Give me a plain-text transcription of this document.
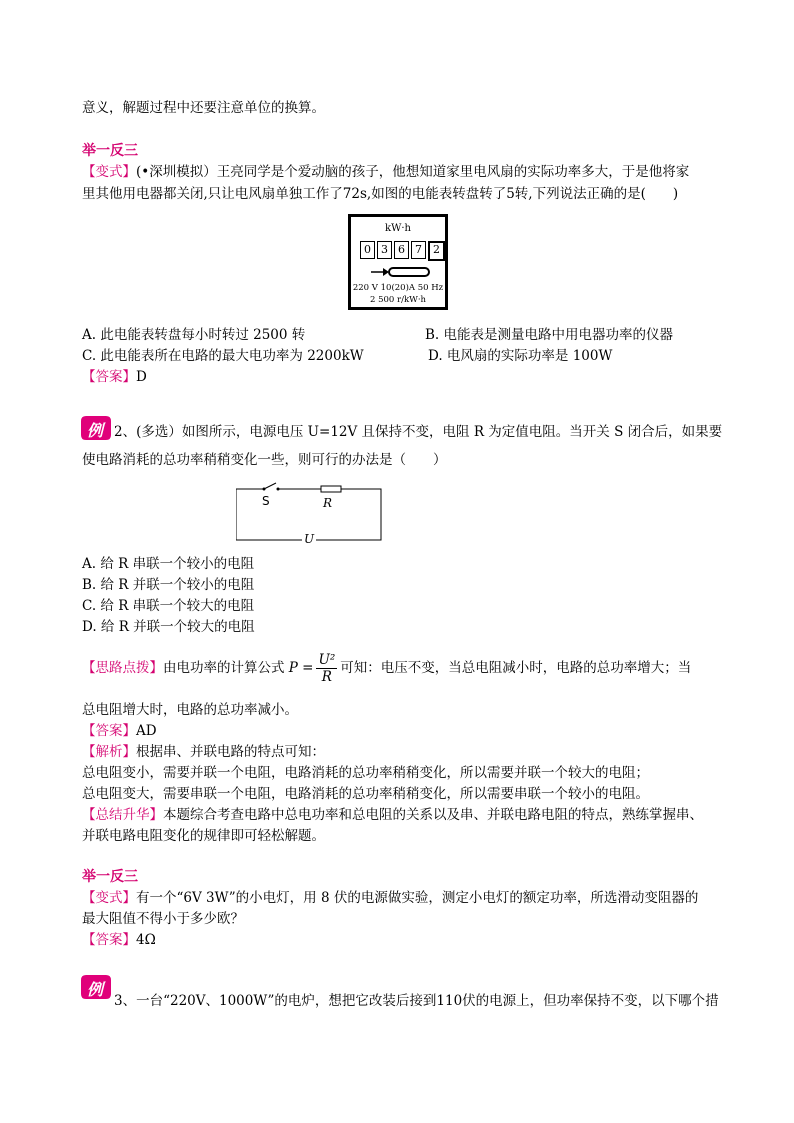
意义，解题过程中还要注意单位的换算。
举一反三
【变式】(•深圳模拟）王亮同学是个爱动脑的孩子，他想知道家里电风扇的实际功率多大，于是他将家
里其他用电器都关闭,只让电风扇单独工作了72s,如图的电能表转盘转了5转,下列说法正确的是(　　)
kW·h
0 3 6 7	2
220 V 10(20)A 50 Hz
2 500 r/kW·h
A. 此电能表转盘每小时转过 2500 转	B. 电能表是测量电路中用电器功率的仪器
C. 此电能表所在电路的最大电功率为 2200kW	D. 电风扇的实际功率是 100W
【答案】D
例 2、(多选）如图所示，电源电压 U=12V 且保持不变，电阻 R 为定值电阻。当开关 S 闭合后，如果要
使电路消耗的总功率稍稍变化一些，则可行的办法是（　　）
S	R
U
A. 给 R 串联一个较小的电阻
B. 给 R 并联一个较小的电阻
C. 给 R 串联一个较大的电阻
D. 给 R 并联一个较大的电阻
【思路点拨】由电功率的计算公式 $P = \frac{\text{U²}}{R}$ 可知：电压不变，当总电阻减小时，电路的总功率增大；当
总电阻增大时，电路的总功率减小。
【答案】AD
【解析】根据串、并联电路的特点可知：
总电阻变小，需要并联一个电阻，电路消耗的总功率稍稍变化，所以需要并联一个较大的电阻；
总电阻变大，需要串联一个电阻，电路消耗的总功率稍稍变化，所以需要串联一个较小的电阻。
【总结升华】本题综合考查电路中总电功率和总电阻的关系以及串、并联电路电阻的特点，熟练掌握串、
并联电路电阻变化的规律即可轻松解题。
举一反三
【变式】有一个“6V 3W”的小电灯，用 8 伏的电源做实验，测定小电灯的额定功率，所选滑动变阻器的
最大阻值不得小于多少欧？
【答案】4Ω
例
3、一台“220V、1000W”的电炉，想把它改装后接到110伏的电源上，但功率保持不变，以下哪个措
